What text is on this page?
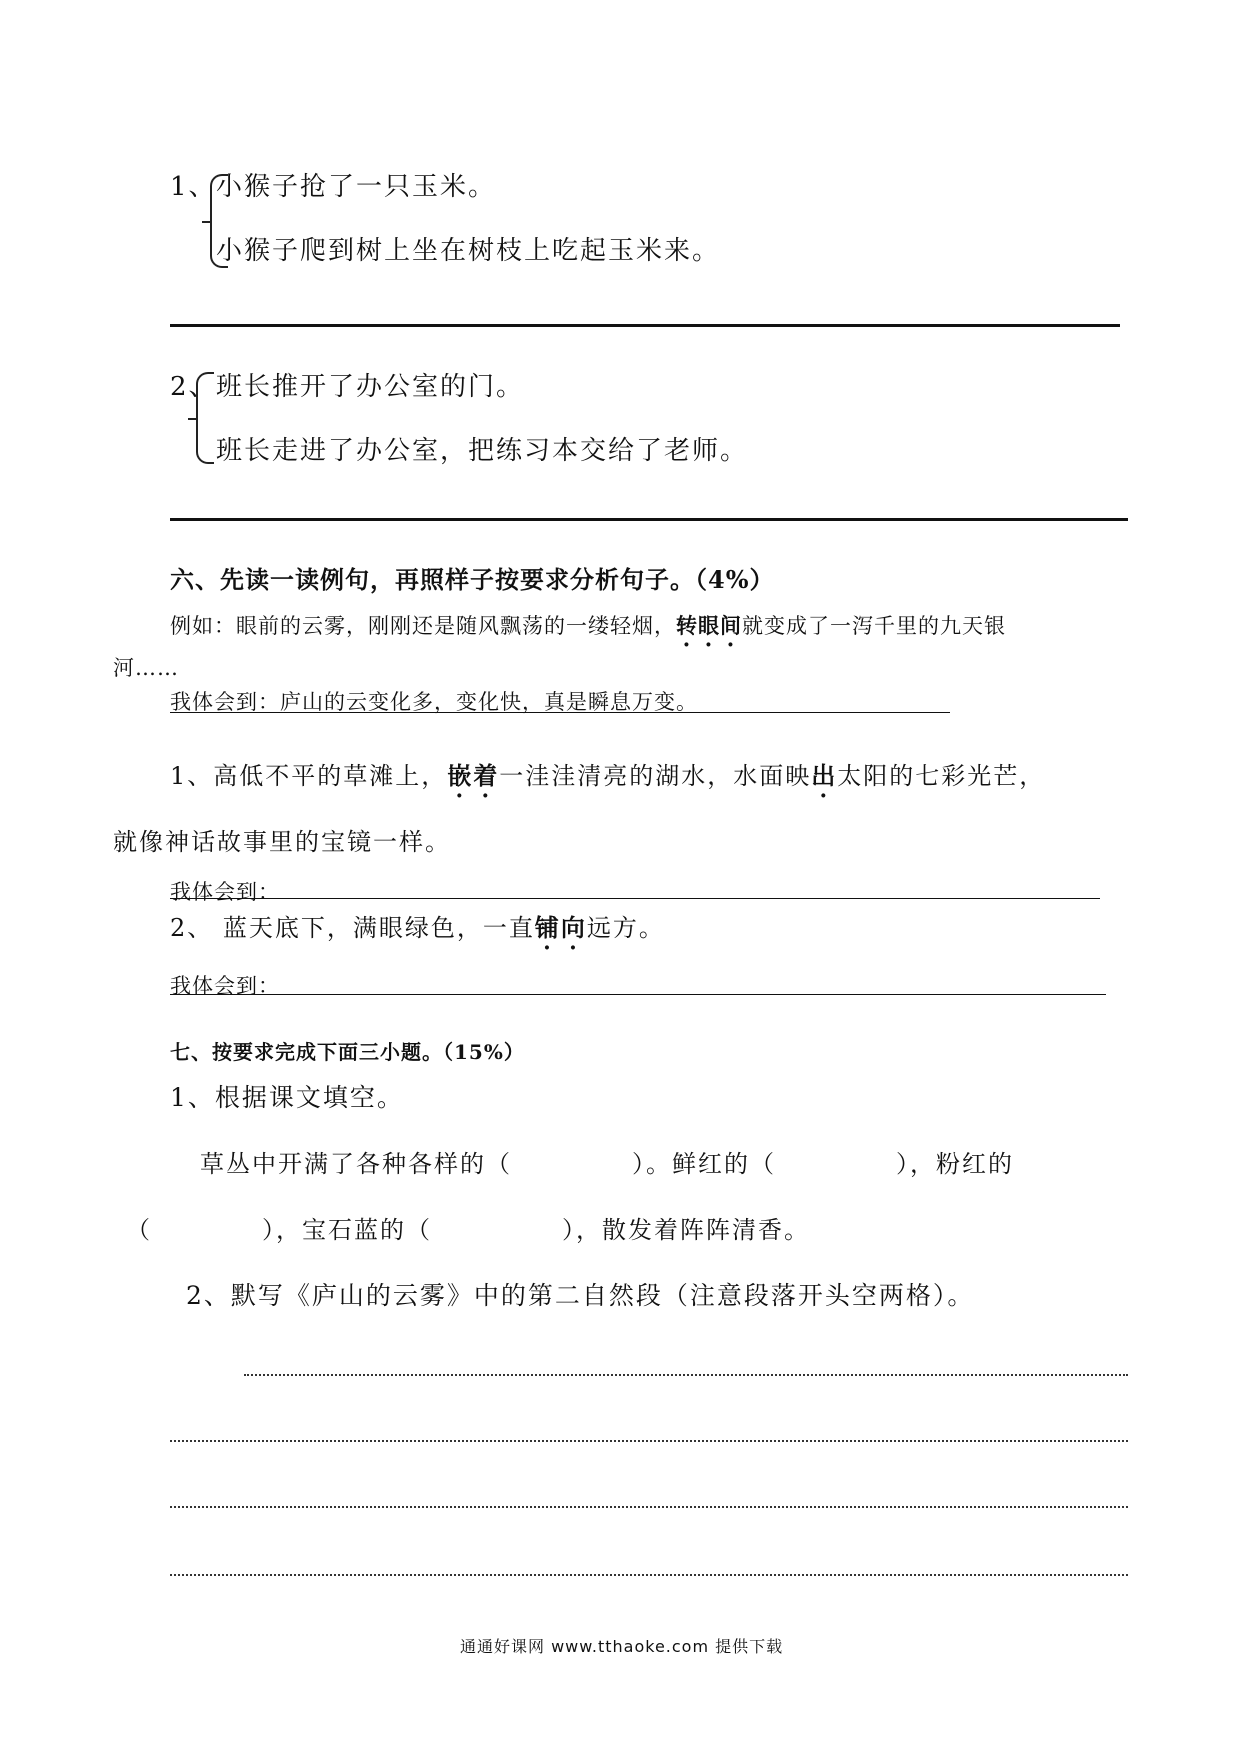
1、 小猴子抢了一只玉米。
小猴子爬到树上坐在树枝上吃起玉米来。
2、 班长推开了办公室的门。
班长走进了办公室，把练习本交给了老师。
六、先读一读例句，再照样子按要求分析句子。（4%）
例如：眼前的云雾，刚刚还是随风飘荡的一缕轻烟，转眼间就变成了一泻千里的九天银
河……
我体会到：庐山的云变化多，变化快，真是瞬息万变。
1、高低不平的草滩上，嵌着一洼洼清亮的湖水，水面映出太阳的七彩光芒，
就像神话故事里的宝镜一样。
我体会到：
2、 蓝天底下，满眼绿色，一直铺向远方。
我体会到：
七、按要求完成下面三小题。（15%）
1、根据课文填空。
草丛中开满了各种各样的（	）。鲜红的（	），粉红的
（	），宝石蓝的（	），散发着阵阵清香。
2、默写《庐山的云雾》中的第二自然段（注意段落开头空两格）。
通通好课网 www.tthaoke.com 提供下载
